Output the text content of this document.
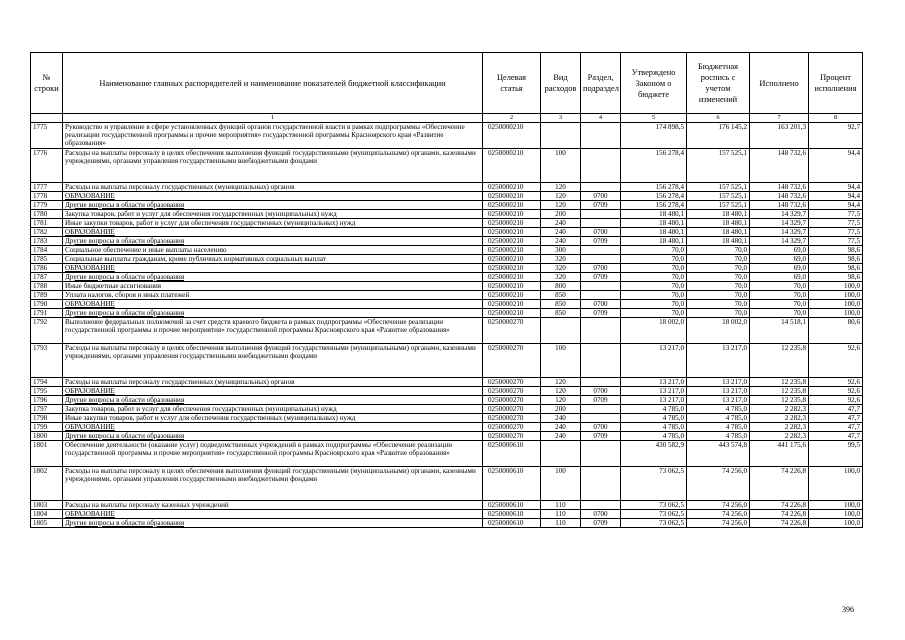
№ строки	Наименование главных распорядителей и наименование показателей бюджетной классификации	Целевая статья	Вид расходов	Раздел, подраздел	Утверждено Законом о бюджете	Бюджетная роспись с учетом изменений	Исполнено	Процент исполнения
	1	2	3	4	5	6	7	8
1775	Руководство и управление в сфере установленных функций органов государственной власти в рамках подпрограммы «Обеспечение реализации государственной программы и прочие мероприятия» государственной программы Красноярского края «Развитие образования»	0250000210			174 898,5	176 145,2	163 201,3	92,7
1776	Расходы на выплаты персоналу в целях обеспечения выполнения функций государственными (муниципальными) органами, казенными учреждениями, органами управления государственными внебюджетными фондами	0250000210	100		156 278,4	157 525,1	148 732,6	94,4
1777	Расходы на выплаты персоналу государственных (муниципальных) органов	0250000210	120		156 278,4	157 525,1	148 732,6	94,4
1778	ОБРАЗОВАНИЕ	0250000210	120	0700	156 278,4	157 525,1	148 732,6	94,4
1779	Другие вопросы в области образования	0250000210	120	0709	156 278,4	157 525,1	148 732,6	94,4
1780	Закупка товаров, работ и услуг для обеспечения государственных (муниципальных) нужд	0250000210	200		18 480,1	18 480,1	14 329,7	77,5
1781	Иные закупки товаров, работ и услуг для обеспечения государственных (муниципальных) нужд	0250000210	240		18 480,1	18 480,1	14 329,7	77,5
1782	ОБРАЗОВАНИЕ	0250000210	240	0700	18 480,1	18 480,1	14 329,7	77,5
1783	Другие вопросы в области образования	0250000210	240	0709	18 480,1	18 480,1	14 329,7	77,5
1784	Социальное обеспечение и иные выплаты населению	0250000210	300		70,0	70,0	69,0	98,6
1785	Социальные выплаты гражданам, кроме публичных нормативных социальных выплат	0250000210	320		70,0	70,0	69,0	98,6
1786	ОБРАЗОВАНИЕ	0250000210	320	0700	70,0	70,0	69,0	98,6
1787	Другие вопросы в области образования	0250000210	320	0709	70,0	70,0	69,0	98,6
1788	Иные бюджетные ассигнования	0250000210	800		70,0	70,0	70,0	100,0
1789	Уплата налогов, сборов и иных платежей	0250000210	850		70,0	70,0	70,0	100,0
1790	ОБРАЗОВАНИЕ	0250000210	850	0700	70,0	70,0	70,0	100,0
1791	Другие вопросы в области образования	0250000210	850	0709	70,0	70,0	70,0	100,0
1792	Выполнение федеральных полномочий за счет средств краевого бюджета в рамках подпрограммы «Обеспечение реализации государственной программы и прочие мероприятия» государственной программы Красноярского края «Развитие образования»	0250000270			18 002,0	18 002,0	14 518,1	80,6
1793	Расходы на выплаты персоналу в целях обеспечения выполнения функций государственными (муниципальными) органами, казенными учреждениями, органами управления государственными внебюджетными фондами	0250000270	100		13 217,0	13 217,0	12 235,8	92,6
1794	Расходы на выплаты персоналу государственных (муниципальных) органов	0250000270	120		13 217,0	13 217,0	12 235,8	92,6
1795	ОБРАЗОВАНИЕ	0250000270	120	0700	13 217,0	13 217,0	12 235,8	92,6
1796	Другие вопросы в области образования	0250000270	120	0709	13 217,0	13 217,0	12 235,8	92,6
1797	Закупка товаров, работ и услуг для обеспечения государственных (муниципальных) нужд	0250000270	200		4 785,0	4 785,0	2 282,3	47,7
1798	Иные закупки товаров, работ и услуг для обеспечения государственных (муниципальных) нужд	0250000270	240		4 785,0	4 785,0	2 282,3	47,7
1799	ОБРАЗОВАНИЕ	0250000270	240	0700	4 785,0	4 785,0	2 282,3	47,7
1800	Другие вопросы в области образования	0250000270	240	0709	4 785,0	4 785,0	2 282,3	47,7
1801	Обеспечение деятельности (оказание услуг) подведомственных учреждений в рамках подпрограммы «Обеспечение реализации государственной программы и прочие мероприятия» государственной программы Красноярского края «Развитие образования»	0250000610			430 582,9	443 574,8	441 175,6	99,5
1802	Расходы на выплаты персоналу в целях обеспечения выполнения функций государственными (муниципальными) органами, казенными учреждениями, органами управления государственными внебюджетными фондами	0250000610	100		73 062,5	74 256,0	74 226,8	100,0
1803	Расходы на выплаты персоналу казенных учреждений	0250000610	110		73 062,5	74 256,0	74 226,8	100,0
1804	ОБРАЗОВАНИЕ	0250000610	110	0700	73 062,5	74 256,0	74 226,8	100,0
1805	Другие вопросы в области образования	0250000610	110	0709	73 062,5	74 256,0	74 226,8	100,0
396
